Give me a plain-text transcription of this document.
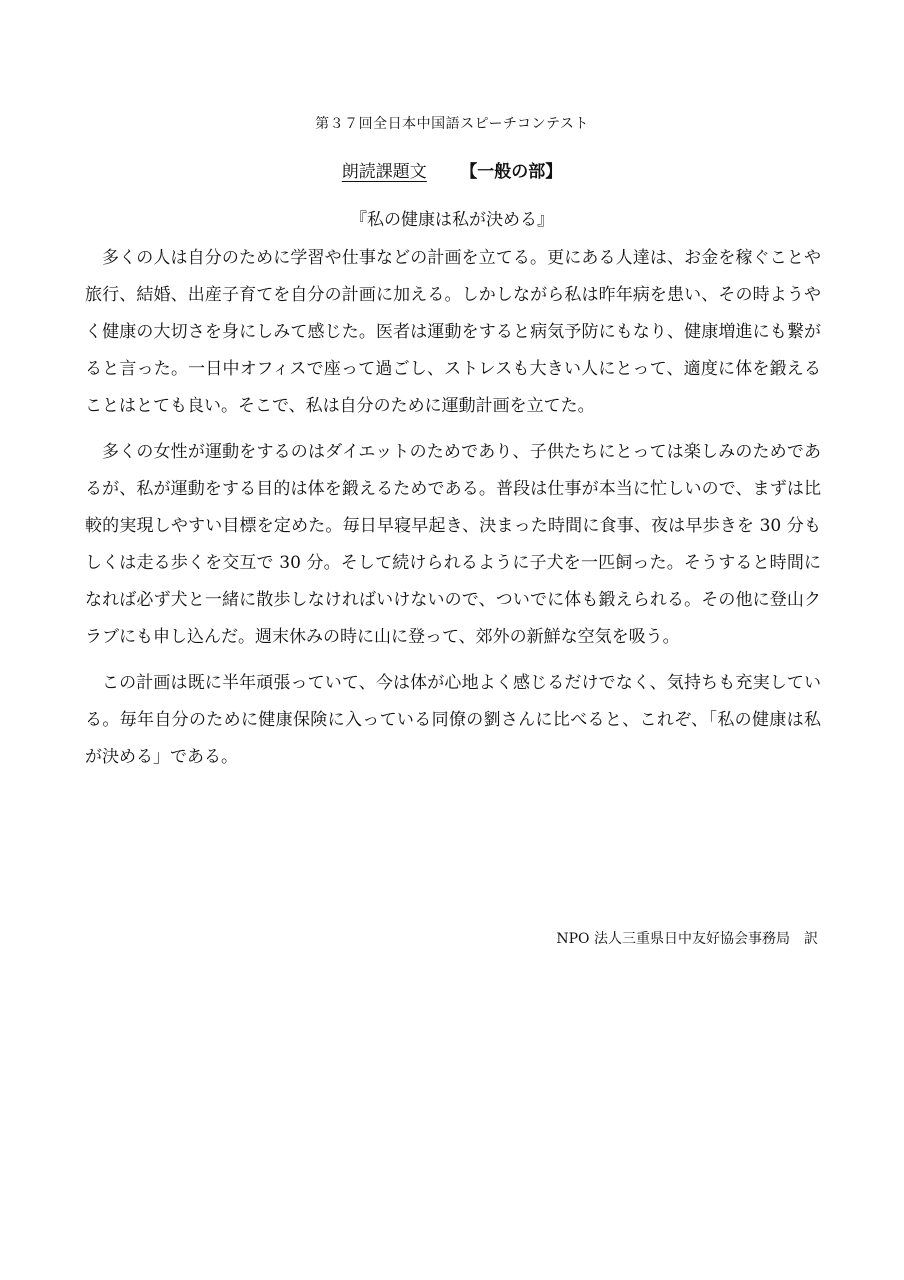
第３７回全日本中国語スピーチコンテスト
朗読課題文 【一般の部】
『私の健康は私が決める』

多くの人は自分のために学習や仕事などの計画を立てる。更にある人達は、お金を稼ぐことや旅行、結婚、出産子育てを自分の計画に加える。しかしながら私は昨年病を患い、その時ようやく健康の大切さを身にしみて感じた。医者は運動をすると病気予防にもなり、健康増進にも繋がると言った。一日中オフィスで座って過ごし、ストレスも大きい人にとって、適度に体を鍛えることはとても良い。そこで、私は自分のために運動計画を立てた。

多くの女性が運動をするのはダイエットのためであり、子供たちにとっては楽しみのためであるが、私が運動をする目的は体を鍛えるためである。普段は仕事が本当に忙しいので、まずは比較的実現しやすい目標を定めた。毎日早寝早起き、決まった時間に食事、夜は早歩きを 30 分もしくは走る歩くを交互で 30 分。そして続けられるように子犬を一匹飼った。そうすると時間になれば必ず犬と一緒に散歩しなければいけないので、ついでに体も鍛えられる。その他に登山クラブにも申し込んだ。週末休みの時に山に登って、郊外の新鮮な空気を吸う。

この計画は既に半年頑張っていて、今は体が心地よく感じるだけでなく、気持ちも充実している。毎年自分のために健康保険に入っている同僚の劉さんに比べると、これぞ、「私の健康は私が決める」である。

NPO 法人三重県日中友好協会事務局　訳
